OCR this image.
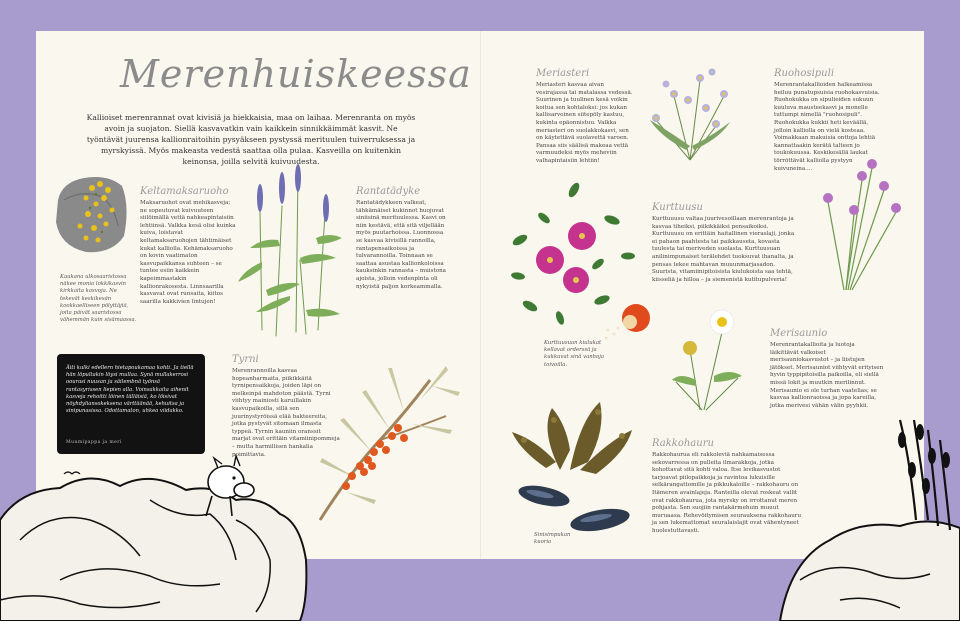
Merenhuiskeessa
Kallioiset merenrannat ovat kivisiä ja hiekkaisia, maa on laihaa. Merenranta on myös avoin ja suojaton. Siellä kasvavatkin vain kaikkein sinnikkäimmät kasvit. Ne työntävät juurensa kallionraitoihin pysyäkseen pystyssä merituulen tuiverruksessa ja myrskyissä. Myös makeasta vedestä saattaa olla pulaa. Kasveilla on kuitenkin keinonsa, joilla selvitä kuivuudesta.
Keltamaksaruoho
Maksaruohot ovat mehikasveja; ne sopeutuvat kuivuuteen siilöimällä vettä nahkeapintaisiin lehtiinsä. Valkka kesä olisi kuinka kuiva, loistavat keltamaksaruohojen tähtimäiset kukat kalliolla. Kehämaksaruoho on kovin vaatimaton kasvupaikkansa suhteen – se tuntee esiin kaikkein kapeimmastakin kallionrakosesta. Linnsaarilla kasvavat ovat runsaita, kiitos saarilla kakkivien lintujen!
Kaukana ulkosaaristossa näkee monia lokkikasvin kirkkaita kasvoja. Ne tekevät keskikesän kookkaelliseen pölyttäjiä, joita päivät saaristossa vähemmän kuin sisämaassa.
Rantatädyke
Rantatädykkeen valkeat, tähkämäiset kukinnot huojuvat siniisinä merituulessa. Kasvi on niin kestävä, että sitä viljellään myös puutarhoissa. Luonnossa se kasvaa kivisillä rannoilla, rantapensaikoissa ja tulvarannoilla. Toinnaan se saattaa asustaa kallionkoloissa kauksinkin rannasta – muistona ajoista, jolloin vedenpinta oli nykyistä paljon korkeammalla.
Tyrni
Merenrannoilla kasvaa hopeanharmaita, piikikkäitä tyrnipensaikkoja, joiden läpi on melkeinpä mahdoton päästä. Tyrni viihtyy mainiosti karuillakin kasvupaikoilla, sillä sen juurinystyröissä elää bakteereita, jotka pystyvät sitomaan ilmasta typpeä. Tyrnin kauniin oranssit marjat ovat erittäin vitamiinipommeja – mutta harmillisen hankalia poimittavia.
Äiti kulki edellern hietapoukamaa kohti. Ja tiellä hän löpultakin löysi mullaa. Synä mullakerrosi oourasi nuusan ja säilembnä työnsä rantasyrissen liepien alla. Voinsakkaita aihenit kasveja rehoitti löinen tälläisiä, ko löisivat nöyhdyliansokeksena värttäänää, kehuitsa ja sinipunasissa. Odottamaton, uhkea viidakko.
Muumipappa ja meri
Meriasteri
Meriasteri kasvaa aivan vesirajassa tai matalassa vedessä. Suurinen ja tuulinen kesä voikin koitua sen kohtaloksi: jos kukan kallisarvoinen siitepöly kastuu, kukinta epäonnistuu. Valkka meriasteri on suolakkokasvi, sen on käytettävä suolavettä varoen. Pansaa siis säälisä makeaa vettä varmuudeksi myös meheviin valhapintaisiin lehtiin!
Ruohosipuli
Merenrantakallioiden halkeamissa heiluu punatupsuisia ruohokasvuisia. Ruohokukka on sipulieiden sukuun kuuluva mausteekasvi ja monelle tuttumpi nimellä "ruohosipuli". Ruohokukka kukkii heti keväällä, jolloin kalliolla on vielä kosteaa. Voimakkaan makuisia onttoja lehtiä kannattaakin kerätä talteen jo toukokuussa. Keskikesällä laukat törröttävät kalliolla pystyyn kuivuneina....
Kurttuusu
Kurttuuusu valtaa juurivesoillaan merenrantoja ja kasvaa tiheiksi, piikikkäiksi pensaikoiksi. Kurttuuusu on erittäin haitallinen vieraslaji, jonka ei pahaon paahtesta tai paikkauseta, kovasta tuulesta tai meriveden suolasta. Kurttuusuan anilinimpunaiset terälehdet tuoksuvat ihanalta, ja pensas tekee mahtavan muuunmarjasadon. Suurista, vitamiinipitoisista kiulukoista saa tehtä, kiisseliä ja hilloa – ja siemenistä kutitupulveria!
Kurttuusuan kiulukat kellavat orderssä ja kukkuvat sinä vanhoja toivoilla.
Merisaunio
Merenrantakallioita ja luotoja läikittävät valkoiset merisauniokasvustot – ja liistujen jätökset. Merisauniot viihtyvät erityisen hyvin typpipitoisilla paikoilla, eli siellä missä lokit ja muutkin merilinnut. Merisaunio ei ole turhan vaatelias; se kasvaa kallionraoissa ja jopa kareilla, jotka merivesi vähän välin pyyhkii.
Rakkohauru
Rakkohaurua eli rakkoleviä nahkamaisessa sekovarressa on pulleita ilmarakkoja, jotka kohottavat sitä kohti valoa. Itse levikasvustot tarjoavat piilopaikkoja ja ravintoa lukuisille selkärangattomille ja pikkukaloille – rakkohauru on Itämeren avainlajeja. Ranteilla olevat roskeat vallit ovat rakkohaurua, jota myrsky on irrottanut meren pohjasta. Sen suojiin rantakärmehuin muuut muruaasa. Rehevöitymisen seurauksena rakkohauru ja sen lukemattomat seuralaislajit ovat vähentyneet huolestuttavasti.
Sinisimpukan kuoria
